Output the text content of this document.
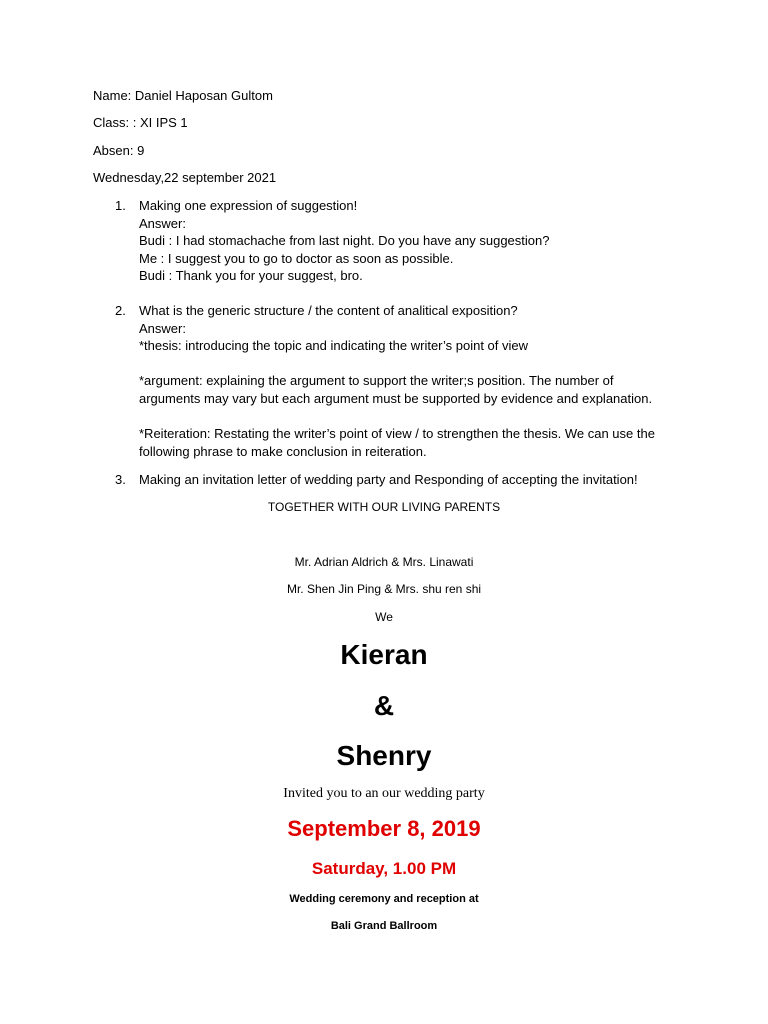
Name: Daniel Haposan Gultom
Class: : XI IPS 1
Absen: 9
Wednesday,22 september 2021
1. Making one expression of suggestion!
Answer:
Budi : I had stomachache from last night. Do you have any suggestion?
Me : I suggest you to go to doctor as soon as possible.
Budi : Thank you for your suggest, bro.
2. What is the generic structure / the content of analitical exposition?
Answer:
*thesis: introducing the topic and indicating the writer’s point of view
*argument: explaining the argument to support the writer;s position. The number of
arguments may vary but each argument must be supported by evidence and explanation.
*Reiteration: Restating the writer’s point of view / to strengthen the thesis. We can use the
following phrase to make conclusion in reiteration.
3. Making an invitation letter of wedding party and Responding of accepting the invitation!
TOGETHER WITH OUR LIVING PARENTS
Mr. Adrian Aldrich & Mrs. Linawati
Mr. Shen Jin Ping & Mrs. shu ren shi
We
Kieran
&
Shenry
Invited you to an our wedding party
September 8, 2019
Saturday, 1.00 PM
Wedding ceremony and reception at
Bali Grand Ballroom
